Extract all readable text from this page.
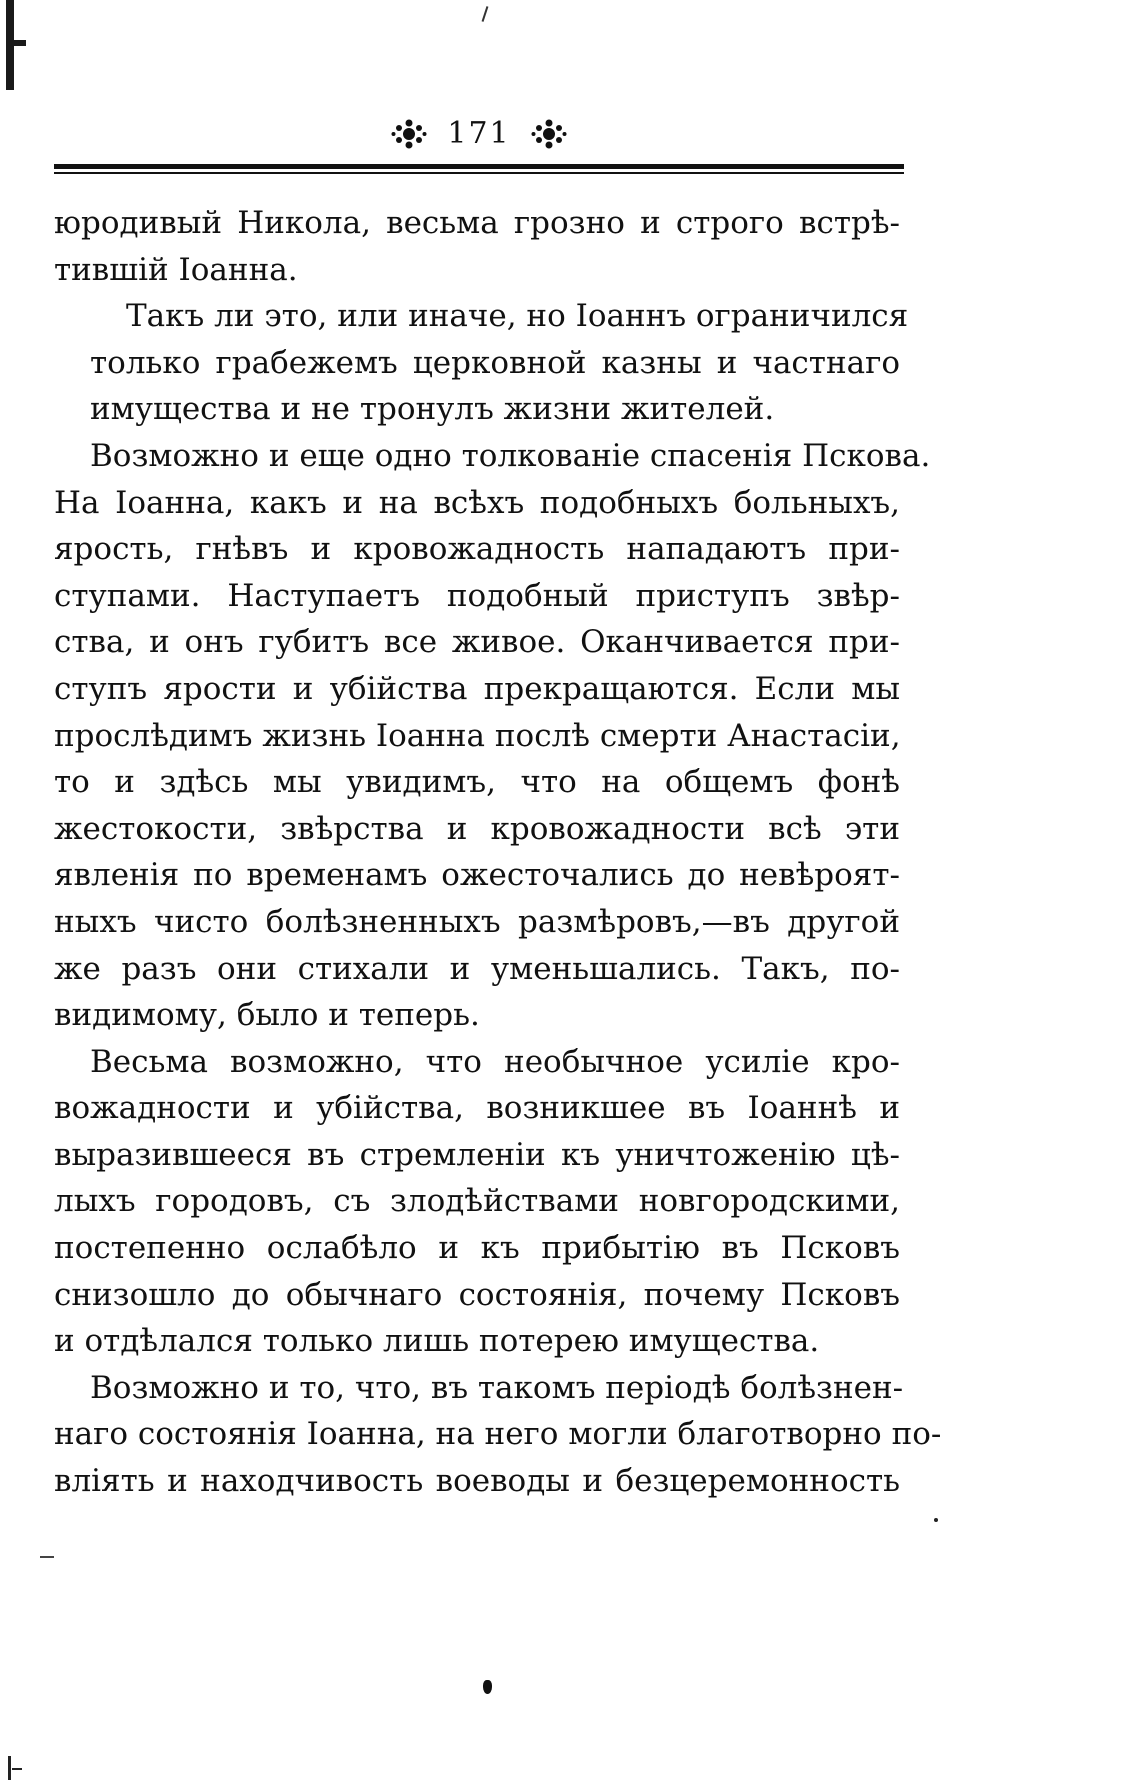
171

юродивый Никола, весьма грозно и строго встрѣ-
тившій Іоанна.

Такъ ли это, или иначе, но Іоаннъ ограничился
только грабежемъ церковной казны и частнаго
имущества и не тронулъ жизни жителей.

Возможно и еще одно толкованіе спасенія Пскова.
На Іоанна, какъ и на всѣхъ подобныхъ больныхъ,
ярость, гнѣвъ и кровожадность нападаютъ при-
ступами. Наступаетъ подобный приступъ звѣр-
ства, и онъ губитъ все живое. Оканчивается при-
ступъ ярости и убійства прекращаются. Если мы
прослѣдимъ жизнь Іоанна послѣ смерти Анастасіи,
то и здѣсь мы увидимъ, что на общемъ фонѣ
жестокости, звѣрства и кровожадности всѣ эти
явленія по временамъ ожесточались до невѣроят-
ныхъ чисто болѣзненныхъ размѣровъ,—въ другой
же разъ они стихали и уменьшались. Такъ, по-
видимому, было и теперь.

Весьма возможно, что необычное усиліе кро-
вожадности и убійства, возникшее въ Іоаннѣ и
выразившееся въ стремленіи къ уничтоженію цѣ-
лыхъ городовъ, съ злодѣйствами новгородскими,
постепенно ослабѣло и къ прибытію въ Псковъ
снизошло до обычнаго состоянія, почему Псковъ
и отдѣлался только лишь потерею имущества.

Возможно и то, что, въ такомъ періодѣ болѣзнен-
наго состоянія Іоанна, на него могли благотворно по-
вліять и находчивость воеводы и безцеремонность
